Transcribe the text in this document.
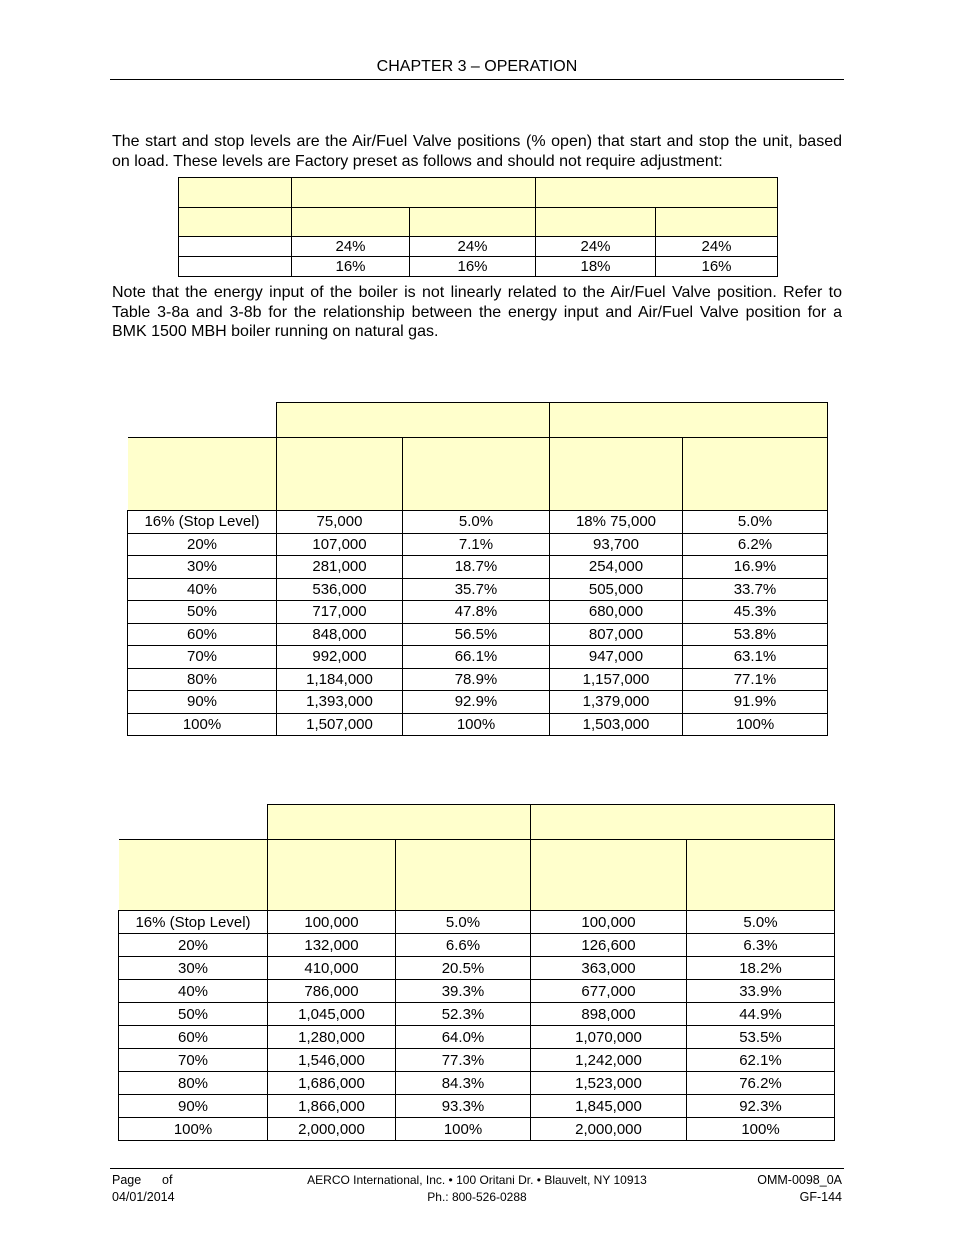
CHAPTER 3 – OPERATION
The start and stop levels are the Air/Fuel Valve positions (% open) that start and stop the unit, based on load. These levels are Factory preset as follows and should not require adjustment:

	24%	24%	24%	24%
	16%	16%	18%	16%
Note that the energy input of the boiler is not linearly related to the Air/Fuel Valve position. Refer to Table 3-8a and 3-8b for the relationship between the energy input and Air/Fuel Valve position for a BMK 1500 MBH boiler running on natural gas.

16% (Stop Level)	75,000	5.0%	18% 75,000	5.0%
20%	107,000	7.1%	93,700	6.2%
30%	281,000	18.7%	254,000	16.9%
40%	536,000	35.7%	505,000	33.7%
50%	717,000	47.8%	680,000	45.3%
60%	848,000	56.5%	807,000	53.8%
70%	992,000	66.1%	947,000	63.1%
80%	1,184,000	78.9%	1,157,000	77.1%
90%	1,393,000	92.9%	1,379,000	91.9%
100%	1,507,000	100%	1,503,000	100%

16% (Stop Level)	100,000	5.0%	100,000	5.0%
20%	132,000	6.6%	126,600	6.3%
30%	410,000	20.5%	363,000	18.2%
40%	786,000	39.3%	677,000	33.9%
50%	1,045,000	52.3%	898,000	44.9%
60%	1,280,000	64.0%	1,070,000	53.5%
70%	1,546,000	77.3%	1,242,000	62.1%
80%	1,686,000	84.3%	1,523,000	76.2%
90%	1,866,000	93.3%	1,845,000	92.3%
100%	2,000,000	100%	2,000,000	100%
Page      of
04/01/2014
AERCO International, Inc. • 100 Oritani Dr. • Blauvelt, NY 10913
Ph.: 800-526-0288
OMM-0098_0A
GF-144
